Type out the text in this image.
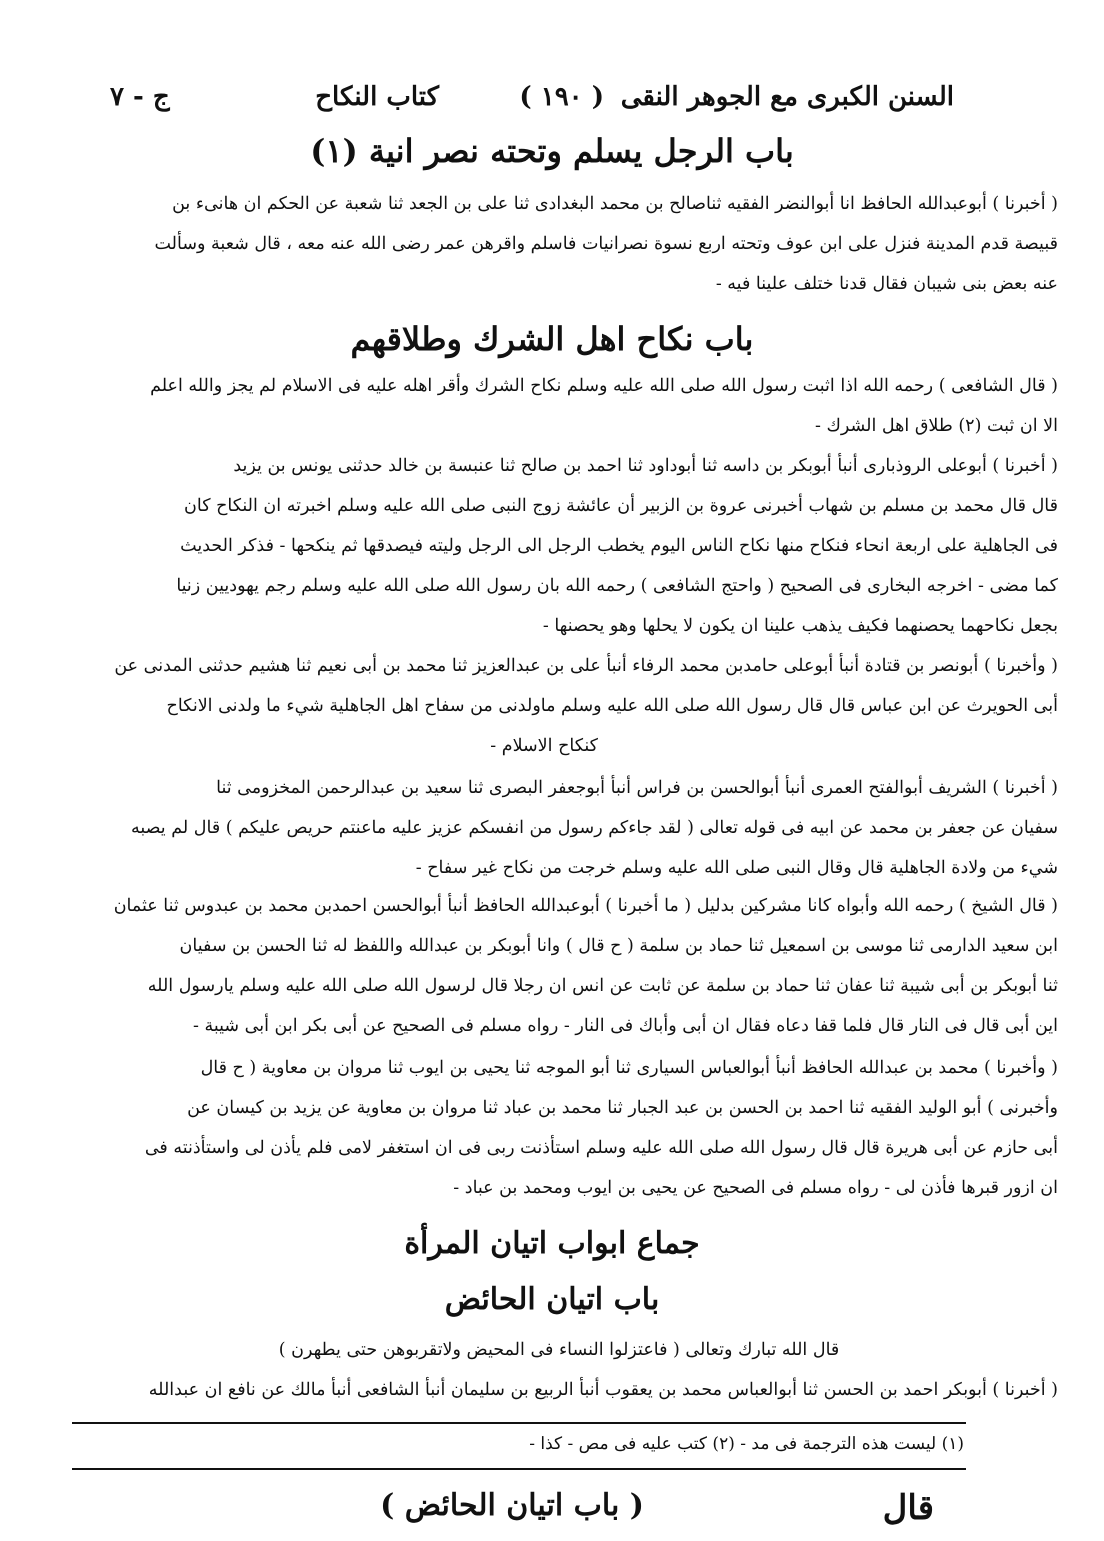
السنن الكبرى مع الجوهر النقى
( ١٩٠ )
كتاب النكاح
ج - ٧
باب الرجل يسلم وتحته نصر انية (١)
( أخبرنا ) أبوعبدالله الحافظ انا أبوالنضر الفقيه ثناصالح بن محمد البغدادى ثنا على بن الجعد ثنا شعبة عن الحكم ان هانىء بن
قبيصة قدم المدينة فنزل على ابن عوف وتحته اربع نسوة نصرانيات فاسلم واقرهن عمر رضى الله عنه معه ، قال شعبة وسألت
عنه بعض بنى شيبان فقال قدنا ختلف علينا فيه -
باب نكاح اهل الشرك وطلاقهم
( قال الشافعى ) رحمه الله اذا اثبت رسول الله صلى الله عليه وسلم نكاح الشرك وأقر اهله عليه فى الاسلام لم يجز والله اعلم
الا ان ثبت (٢) طلاق اهل الشرك -
( أخبرنا ) أبوعلى الروذبارى أنبأ أبوبكر بن داسه ثنا أبوداود ثنا احمد بن صالح ثنا عنبسة بن خالد حدثنى يونس بن يزيد
قال قال محمد بن مسلم بن شهاب أخبرنى عروة بن الزبير أن عائشة زوج النبى صلى الله عليه وسلم اخبرته ان النكاح كان
فى الجاهلية على اربعة انحاء فنكاح منها نكاح الناس اليوم يخطب الرجل الى الرجل وليته فيصدقها ثم ينكحها - فذكر الحديث
كما مضى - اخرجه البخارى فى الصحيح ( واحتج الشافعى ) رحمه الله بان رسول الله صلى الله عليه وسلم رجم يهوديين زنيا
بجعل نكاحهما يحصنهما فكيف يذهب علينا ان يكون لا يحلها وهو يحصنها -
( وأخبرنا ) أبونصر بن قتادة أنبأ أبوعلى حامدبن محمد الرفاء أنبأ على بن عبدالعزيز ثنا محمد بن أبى نعيم ثنا هشيم حدثنى المدنى عن
أبى الحويرث عن ابن عباس قال قال رسول الله صلى الله عليه وسلم ماولدنى من سفاح اهل الجاهلية شيء ما ولدنى الانكاح
كنكاح الاسلام -
( أخبرنا ) الشريف أبوالفتح العمرى أنبأ أبوالحسن بن فراس أنبأ أبوجعفر البصرى ثنا سعيد بن عبدالرحمن المخزومى ثنا
سفيان عن جعفر بن محمد عن ابيه فى قوله تعالى ( لقد جاءكم رسول من انفسكم عزيز عليه ماعنتم حريص عليكم ) قال لم يصبه
شيء من ولادة الجاهلية قال وقال النبى صلى الله عليه وسلم خرجت من نكاح غير سفاح -
( قال الشيخ ) رحمه الله وأبواه كانا مشركين بدليل ( ما أخبرنا ) أبوعبدالله الحافظ أنبأ أبوالحسن احمدبن محمد بن عبدوس ثنا عثمان
ابن سعيد الدارمى ثنا موسى بن اسمعيل ثنا حماد بن سلمة ( ح قال ) وانا أبوبكر بن عبدالله واللفظ له ثنا الحسن بن سفيان
ثنا أبوبكر بن أبى شيبة ثنا عفان ثنا حماد بن سلمة عن ثابت عن انس ان رجلا قال لرسول الله صلى الله عليه وسلم يارسول الله
اين أبى قال فى النار قال فلما قفا دعاه فقال ان أبى وأباك فى النار - رواه مسلم فى الصحيح عن أبى بكر ابن أبى شيبة -
( وأخبرنا ) محمد بن عبدالله الحافظ أنبأ أبوالعباس السيارى ثنا أبو الموجه ثنا يحيى بن ايوب ثنا مروان بن معاوية ( ح قال
وأخبرنى ) أبو الوليد الفقيه ثنا احمد بن الحسن بن عبد الجبار ثنا محمد بن عباد ثنا مروان بن معاوية عن يزيد بن كيسان عن
أبى حازم عن أبى هريرة قال قال رسول الله صلى الله عليه وسلم استأذنت ربى فى ان استغفر لامى فلم يأذن لى واستأذنته فى
ان ازور قبرها فأذن لى - رواه مسلم فى الصحيح عن يحيى بن ايوب ومحمد بن عباد -
جماع ابواب اتيان المرأة
باب اتيان الحائض
قال الله تبارك وتعالى ( فاعتزلوا النساء فى المحيض ولاتقربوهن حتى يطهرن )
( أخبرنا ) أبوبكر احمد بن الحسن ثنا أبوالعباس محمد بن يعقوب أنبأ الربيع بن سليمان أنبأ الشافعى أنبأ مالك عن نافع ان عبدالله
(١) ليست هذه الترجمة فى مد - (٢) كتب عليه فى مص - كذا -
قال
( باب اتيان الحائض )
